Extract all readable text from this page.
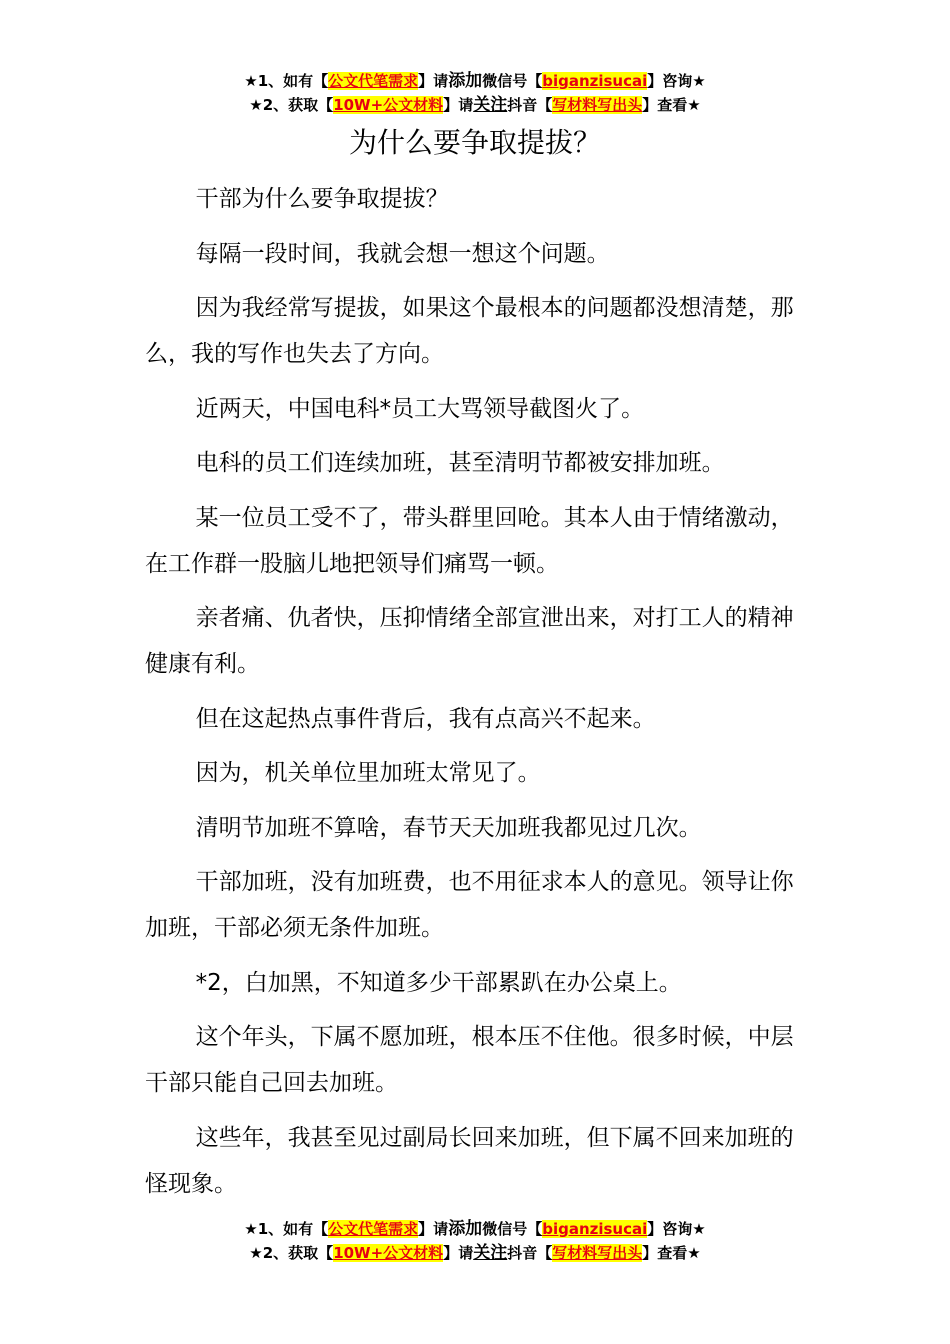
★1、如有【公文代笔需求】请添加微信号【biganzisucai】咨询★
★2、获取【10W+公文材料】请关注抖音【写材料写出头】查看★
为什么要争取提拔？

干部为什么要争取提拔？

每隔一段时间，我就会想一想这个问题。

因为我经常写提拔，如果这个最根本的问题都没想清楚，那么，我的写作也失去了方向。

近两天，中国电科*员工大骂领导截图火了。

电科的员工们连续加班，甚至清明节都被安排加班。

某一位员工受不了，带头群里回呛。其本人由于情绪激动，在工作群一股脑儿地把领导们痛骂一顿。

亲者痛、仇者快，压抑情绪全部宣泄出来，对打工人的精神健康有利。

但在这起热点事件背后，我有点高兴不起来。

因为，机关单位里加班太常见了。

清明节加班不算啥，春节天天加班我都见过几次。

干部加班，没有加班费，也不用征求本人的意见。领导让你加班，干部必须无条件加班。

*2，白加黑，不知道多少干部累趴在办公桌上。

这个年头，下属不愿加班，根本压不住他。很多时候，中层干部只能自己回去加班。

这些年，我甚至见过副局长回来加班，但下属不回来加班的怪现象。

★1、如有【公文代笔需求】请添加微信号【biganzisucai】咨询★
★2、获取【10W+公文材料】请关注抖音【写材料写出头】查看★
